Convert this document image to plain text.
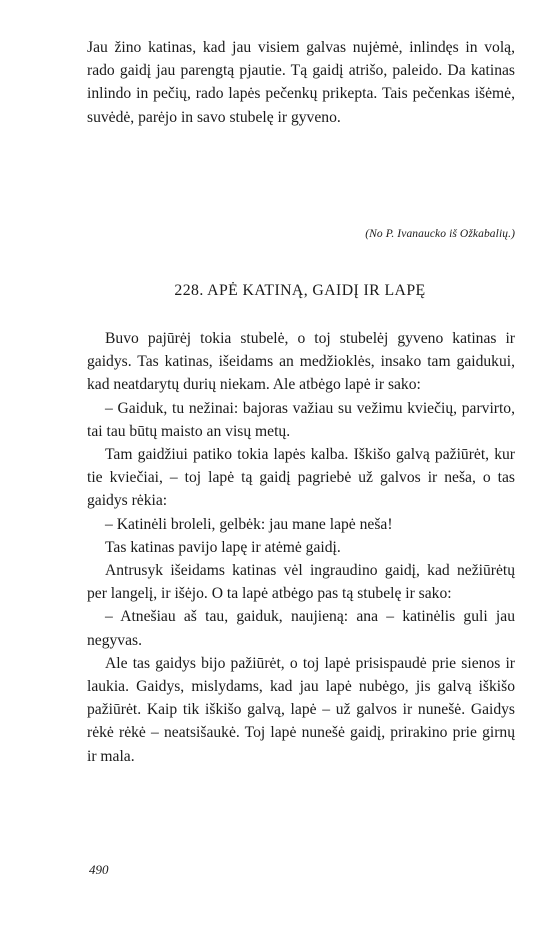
Jau žino katinas, kad jau visiem galvas nujėmė, inlindęs in volą, rado gaidį jau parengtą pjautie. Tą gaidį atrišo, paleido. Da katinas inlindo in pečių, rado lapės pečenkų prikepta. Tais pečenkas išėmė, suvėdė, parėjo in savo stubelę ir gyveno.

(No P. Ivanaucko iš Ožkabalių.)
228. APĖ KATINĄ, GAIDĮ IR LAPĘ

Buvo pajūrėj tokia stubelė, o toj stubelėj gyveno katinas ir gaidys. Tas katinas, išeidams an medžioklės, insako tam gaidukui, kad neatdarytų durių niekam. Ale atbėgo lapė ir sako:

– Gaiduk, tu nežinai: bajoras važiau su vežimu kviečių, parvirto, tai tau būtų maisto an visų metų.

Tam gaidžiui patiko tokia lapės kalba. Iškišo galvą pažiūrėt, kur tie kviečiai, – toj lapė tą gaidį pagriebė už galvos ir neša, o tas gaidys rėkia:

– Katinėli broleli, gelbėk: jau mane lapė neša!

Tas katinas pavijo lapę ir atėmė gaidį.

Antrusyk išeidams katinas vėl ingraudino gaidį, kad nežiūrėtų per langelį, ir išėjo. O ta lapė atbėgo pas tą stubelę ir sako:

– Atnešiau aš tau, gaiduk, naujieną: ana – katinėlis guli jau negyvas.

Ale tas gaidys bijo pažiūrėt, o toj lapė prisispaudė prie sienos ir laukia. Gaidys, mislydams, kad jau lapė nubėgo, jis galvą iškišo pažiūrėt. Kaip tik iškišo galvą, lapė – už galvos ir nunešė. Gaidys rėkė rėkė – neatsišaukė. Toj lapė nunešė gaidį, prirakino prie girnų ir mala.

490
